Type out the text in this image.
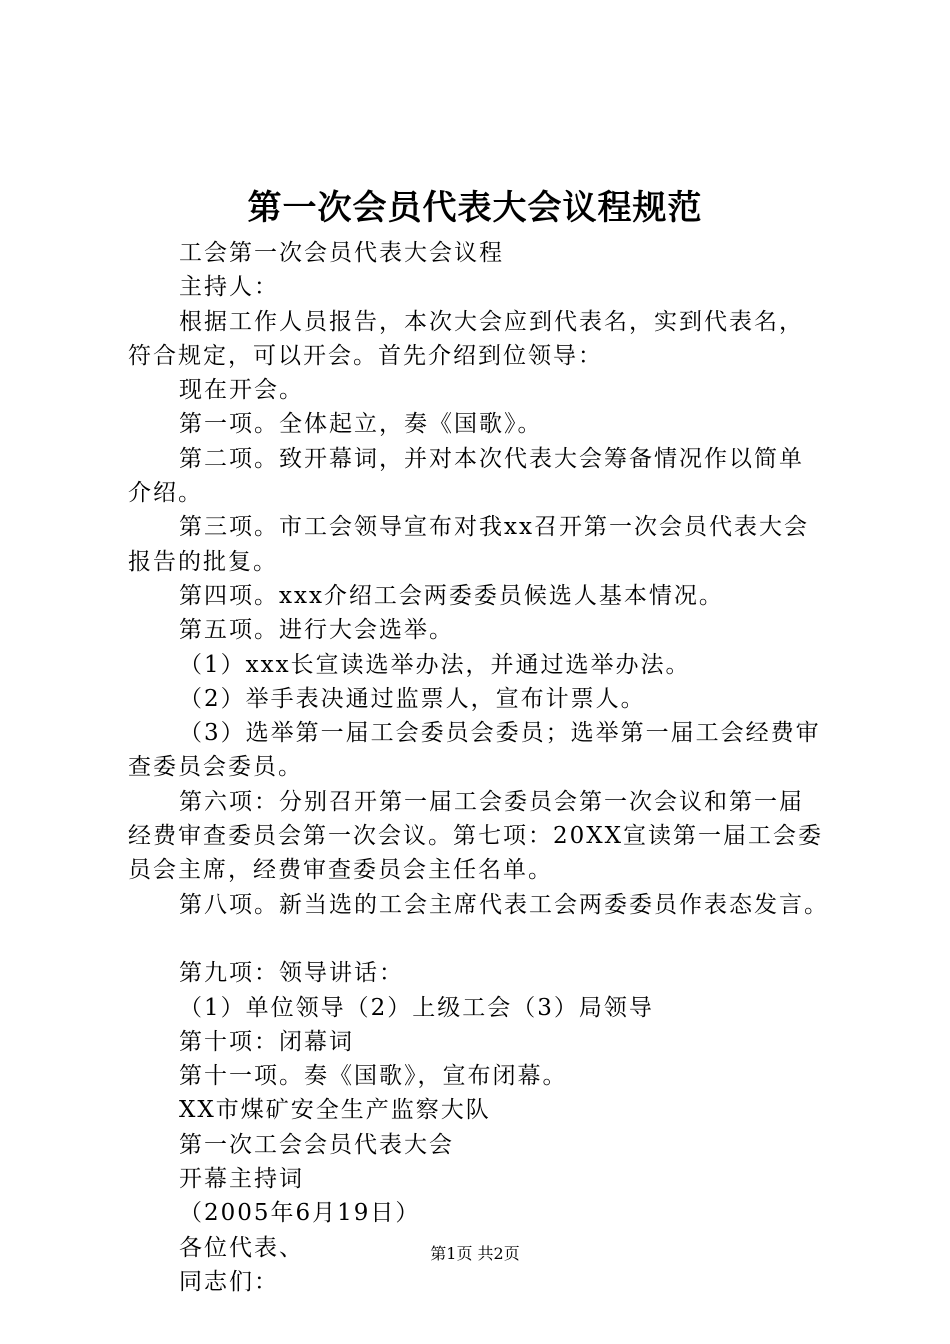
第一次会员代表大会议程规范

工会第一次会员代表大会议程

主持人：

根据工作人员报告，本次大会应到代表名，实到代表名，

符合规定，可以开会。首先介绍到位领导：

现在开会。

第一项。全体起立，奏《国歌》。

第二项。致开幕词，并对本次代表大会筹备情况作以简单

介绍。

第三项。市工会领导宣布对我xx召开第一次会员代表大会

报告的批复。

第四项。xxx介绍工会两委委员候选人基本情况。

第五项。进行大会选举。

（1）xxx长宣读选举办法，并通过选举办法。

（2）举手表决通过监票人，宣布计票人。

（3）选举第一届工会委员会委员；选举第一届工会经费审

查委员会委员。

第六项：分别召开第一届工会委员会第一次会议和第一届

经费审查委员会第一次会议。第七项：20XX宣读第一届工会委

员会主席，经费审查委员会主任名单。

第八项。新当选的工会主席代表工会两委委员作表态发言。

第九项：领导讲话：

（1）单位领导（2）上级工会（3）局领导

第十项：闭幕词

第十一项。奏《国歌》，宣布闭幕。

XX市煤矿安全生产监察大队

第一次工会会员代表大会

开幕主持词

（2005年6月19日）

各位代表、

同志们：

第1页 共2页
